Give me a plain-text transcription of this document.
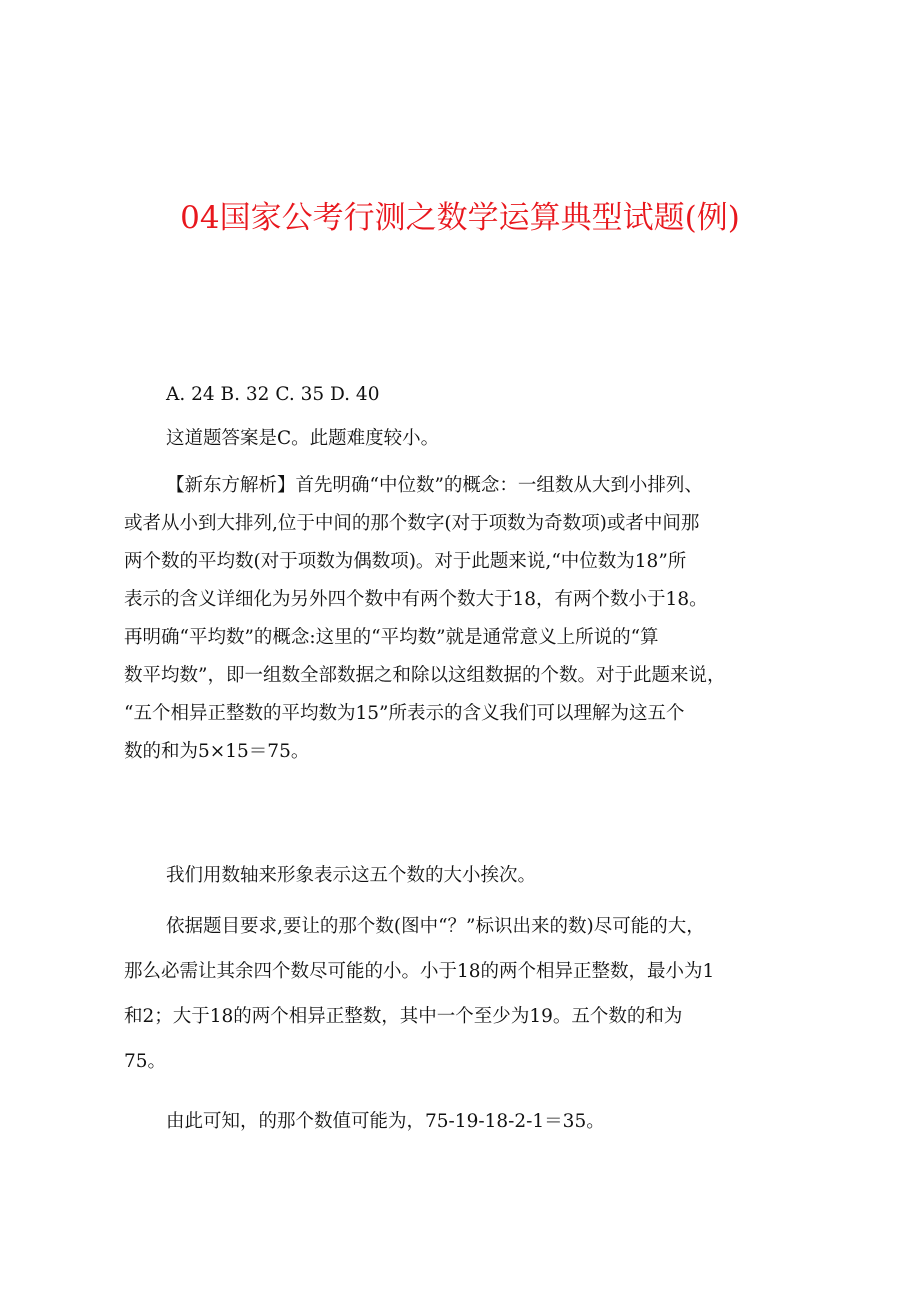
04国家公考行测之数学运算典型试题(例)
A. 24 B. 32 C. 35 D. 40
这道题答案是C。此题难度较小。
【新东方解析】首先明确“中位数”的概念：一组数从大到小排列、
或者从小到大排列,位于中间的那个数字(对于项数为奇数项)或者中间那
两个数的平均数(对于项数为偶数项)。对于此题来说,“中位数为18”所
表示的含义详细化为另外四个数中有两个数大于18，有两个数小于18。
再明确“平均数”的概念:这里的“平均数”就是通常意义上所说的“算
数平均数”，即一组数全部数据之和除以这组数据的个数。对于此题来说，
“五个相异正整数的平均数为15”所表示的含义我们可以理解为这五个
数的和为5×15＝75。
我们用数轴来形象表示这五个数的大小挨次。
依据题目要求,要让的那个数(图中“？”标识出来的数)尽可能的大，
那么必需让其余四个数尽可能的小。小于18的两个相异正整数，最小为1
和2；大于18的两个相异正整数，其中一个至少为19。五个数的和为
75。
由此可知，的那个数值可能为，75-19-18-2-1＝35。
